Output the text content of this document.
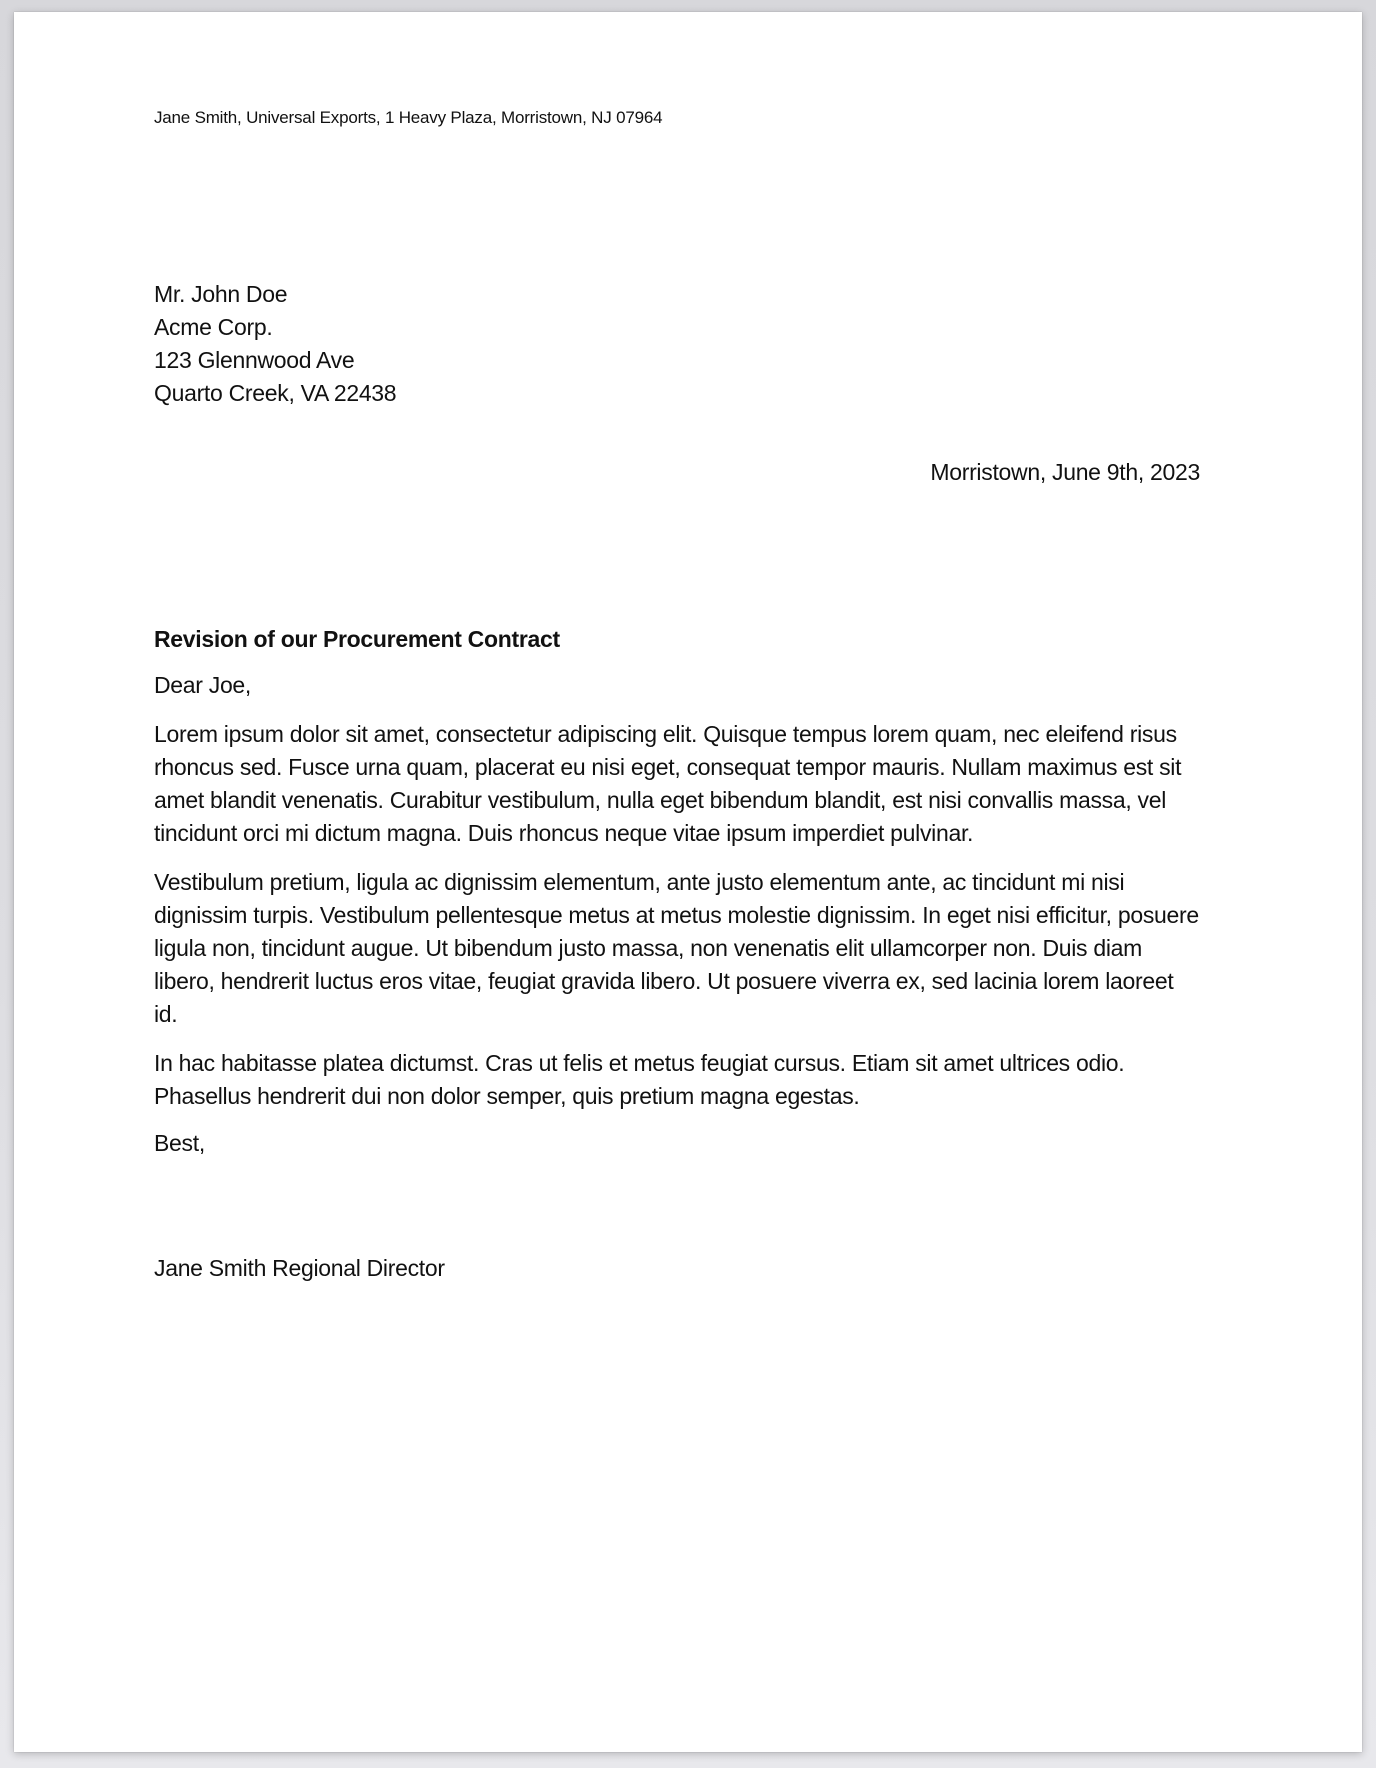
Jane Smith, Universal Exports, 1 Heavy Plaza, Morristown, NJ 07964
Mr. John Doe
Acme Corp.
123 Glennwood Ave
Quarto Creek, VA 22438
Morristown, June 9th, 2023
Revision of our Procurement Contract
Dear Joe,
Lorem ipsum dolor sit amet, consectetur adipiscing elit. Quisque tempus lorem quam, nec eleifend risus rhoncus sed. Fusce urna quam, placerat eu nisi eget, consequat tempor mauris. Nullam maximus est sit amet blandit venenatis. Curabitur vestibulum, nulla eget bibendum blandit, est nisi convallis massa, vel tincidunt orci mi dictum magna. Duis rhoncus neque vitae ipsum imperdiet pulvinar.
Vestibulum pretium, ligula ac dignissim elementum, ante justo elementum ante, ac tincidunt mi nisi dignissim turpis. Vestibulum pellentesque metus at metus molestie dignissim. In eget nisi efficitur, posuere ligula non, tincidunt augue. Ut bibendum justo massa, non venenatis elit ullamcorper non. Duis diam libero, hendrerit luctus eros vitae, feugiat gravida libero. Ut posuere viverra ex, sed lacinia lorem laoreet id.
In hac habitasse platea dictumst. Cras ut felis et metus feugiat cursus. Etiam sit amet ultrices odio. Phasellus hendrerit dui non dolor semper, quis pretium magna egestas.
Best,
Jane Smith Regional Director
